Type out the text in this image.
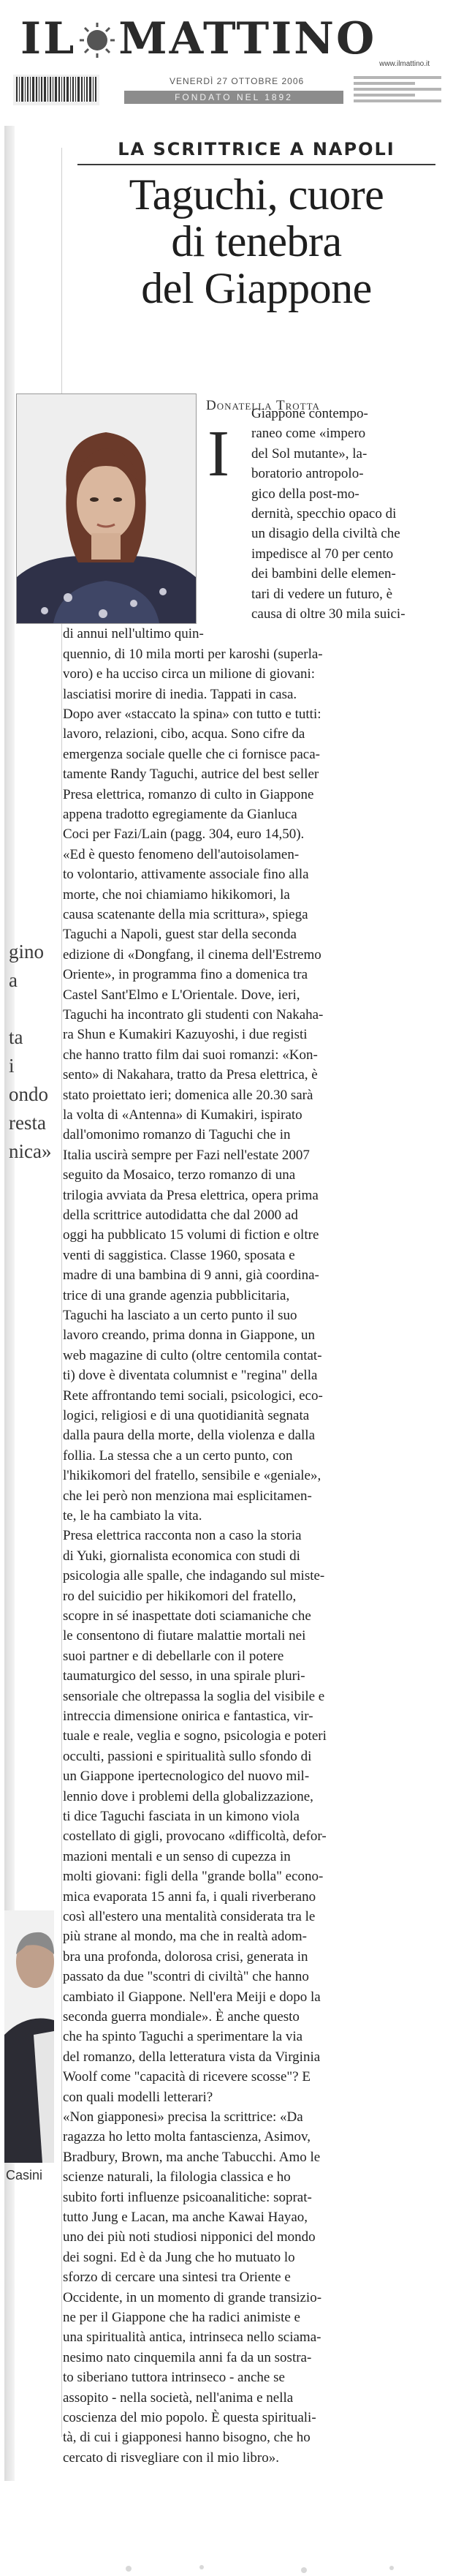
IL MATTINO www.ilmattino.it
VENERDÌ 27 OTTOBRE 2006
FONDATO NEL 1892
gino
a
ta
i
ondo
resta
nica»
LA SCRITTRICE A NAPOLI
Taguchi, cuore
di tenebra
del Giappone
Donatella Trotta
Casini
I
Giappone contempo-
raneo come «impero
del Sol mutante», la-
boratorio antropolo-
gico della post-mo-
dernità, specchio opaco di
un disagio della civiltà che
impedisce al 70 per cento
dei bambini delle elemen-
tari di vedere un futuro, è
causa di oltre 30 mila suici-
di annui nell'ultimo quin-
quennio, di 10 mila morti per karoshi (superla-
voro) e ha ucciso circa un milione di giovani:
lasciatisi morire di inedia. Tappati in casa.
Dopo aver «staccato la spina» con tutto e tutti:
lavoro, relazioni, cibo, acqua. Sono cifre da
emergenza sociale quelle che ci fornisce paca-
tamente Randy Taguchi, autrice del best seller
Presa elettrica, romanzo di culto in Giappone
appena tradotto egregiamente da Gianluca
Coci per Fazi/Lain (pagg. 304, euro 14,50).
«Ed è questo fenomeno dell'autoisolamen-
to volontario, attivamente associale fino alla
morte, che noi chiamiamo hikikomori, la
causa scatenante della mia scrittura», spiega
Taguchi a Napoli, guest star della seconda
edizione di «Dongfang, il cinema dell'Estremo
Oriente», in programma fino a domenica tra
Castel Sant'Elmo e L'Orientale. Dove, ieri,
Taguchi ha incontrato gli studenti con Nakaha-
ra Shun e Kumakiri Kazuyoshi, i due registi
che hanno tratto film dai suoi romanzi: «Kon-
sento» di Nakahara, tratto da Presa elettrica, è
stato proiettato ieri; domenica alle 20.30 sarà
la volta di «Antenna» di Kumakiri, ispirato
dall'omonimo romanzo di Taguchi che in
Italia uscirà sempre per Fazi nell'estate 2007
seguito da Mosaico, terzo romanzo di una
trilogia avviata da Presa elettrica, opera prima
della scrittrice autodidatta che dal 2000 ad
oggi ha pubblicato 15 volumi di fiction e oltre
venti di saggistica. Classe 1960, sposata e
madre di una bambina di 9 anni, già coordina-
trice di una grande agenzia pubblicitaria,
Taguchi ha lasciato a un certo punto il suo
lavoro creando, prima donna in Giappone, un
web magazine di culto (oltre centomila contat-
ti) dove è diventata columnist e "regina" della
Rete affrontando temi sociali, psicologici, eco-
logici, religiosi e di una quotidianità segnata
dalla paura della morte, della violenza e dalla
follia. La stessa che a un certo punto, con
l'hikikomori del fratello, sensibile e «geniale»,
che lei però non menziona mai esplicitamen-
te, le ha cambiato la vita.
Presa elettrica racconta non a caso la storia
di Yuki, giornalista economica con studi di
psicologia alle spalle, che indagando sul miste-
ro del suicidio per hikikomori del fratello,
scopre in sé inaspettate doti sciamaniche che
le consentono di fiutare malattie mortali nei
suoi partner e di debellarle con il potere
taumaturgico del sesso, in una spirale pluri-
sensoriale che oltrepassa la soglia del visibile e
intreccia dimensione onirica e fantastica, vir-
tuale e reale, veglia e sogno, psicologia e poteri
occulti, passioni e spiritualità sullo sfondo di
un Giappone ipertecnologico del nuovo mil-
lennio dove i problemi della globalizzazione,
ti dice Taguchi fasciata in un kimono viola
costellato di gigli, provocano «difficoltà, defor-
mazioni mentali e un senso di cupezza in
molti giovani: figli della "grande bolla" econo-
mica evaporata 15 anni fa, i quali riverberano
così all'estero una mentalità considerata tra le
più strane al mondo, ma che in realtà adom-
bra una profonda, dolorosa crisi, generata in
passato da due "scontri di civiltà" che hanno
cambiato il Giappone. Nell'era Meiji e dopo la
seconda guerra mondiale». È anche questo
che ha spinto Taguchi a sperimentare la via
del romanzo, della letteratura vista da Virginia
Woolf come "capacità di ricevere scosse"? E
con quali modelli letterari?
«Non giapponesi» precisa la scrittrice: «Da
ragazza ho letto molta fantascienza, Asimov,
Bradbury, Brown, ma anche Tabucchi. Amo le
scienze naturali, la filologia classica e ho
subito forti influenze psicoanalitiche: soprat-
tutto Jung e Lacan, ma anche Kawai Hayao,
uno dei più noti studiosi nipponici del mondo
dei sogni. Ed è da Jung che ho mutuato lo
sforzo di cercare una sintesi tra Oriente e
Occidente, in un momento di grande transizio-
ne per il Giappone che ha radici animiste e
una spiritualità antica, intrinseca nello sciama-
nesimo nato cinquemila anni fa da un sostra-
to siberiano tuttora intrinseco - anche se
assopito - nella società, nell'anima e nella
coscienza del mio popolo. È questa spirituali-
tà, di cui i giapponesi hanno bisogno, che ho
cercato di risvegliare con il mio libro».
